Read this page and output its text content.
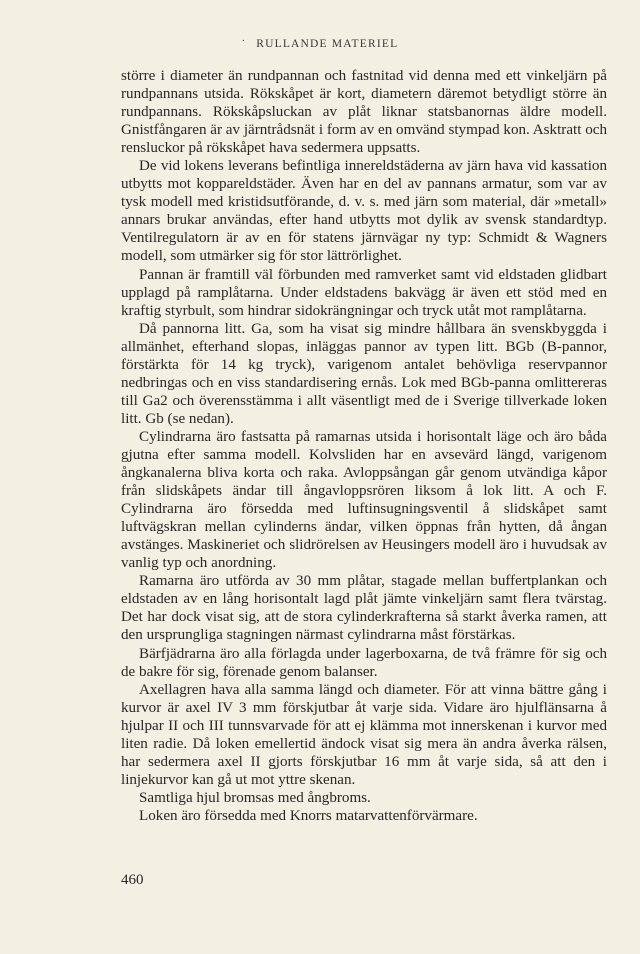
· RULLANDE MATERIEL

större i diameter än rundpannan och fastnitad vid denna med ett vinkeljärn på rundpannans utsida. Rökskåpet är kort, diametern däremot betydligt större än rundpannans. Rökskåpsluckan av plåt liknar statsbanornas äldre modell. Gnistfångaren är av järntrådsnät i form av en omvänd stympad kon. Asktratt och rensluckor på rökskåpet hava sedermera uppsatts.

De vid lokens leverans befintliga innereldstäderna av järn hava vid kassation utbytts mot koppareldstäder. Även har en del av pannans armatur, som var av tysk modell med kristidsutförande, d. v. s. med järn som material, där »metall» annars brukar användas, efter hand utbytts mot dylik av svensk standardtyp. Ventilregulatorn är av en för statens järnvägar ny typ: Schmidt & Wagners modell, som utmärker sig för stor lättrörlighet.

Pannan är framtill väl förbunden med ramverket samt vid eldstaden glidbart upplagd på ramplåtarna. Under eldstadens bakvägg är även ett stöd med en kraftig styrbult, som hindrar sidokrängningar och tryck utåt mot ramplåtarna.

Då pannorna litt. Ga, som ha visat sig mindre hållbara än svenskbyggda i allmänhet, efterhand slopas, inläggas pannor av typen litt. BGb (B-pannor, förstärkta för 14 kg tryck), varigenom antalet behövliga reservpannor nedbringas och en viss standardisering ernås. Lok med BGb-panna omlittereras till Ga2 och överensstämma i allt väsentligt med de i Sverige tillverkade loken litt. Gb (se nedan).

Cylindrarna äro fastsatta på ramarnas utsida i horisontalt läge och äro båda gjutna efter samma modell. Kolvsliden har en avsevärd längd, varigenom ångkanalerna bliva korta och raka. Avloppsångan går genom utvändiga kåpor från slidskåpets ändar till ångavloppsrören liksom å lok litt. A och F. Cylindrarna äro försedda med luftinsugningsventil å slidskåpet samt luftvägskran mellan cylinderns ändar, vilken öppnas från hytten, då ångan avstänges. Maskineriet och slidrörelsen av Heusingers modell äro i huvudsak av vanlig typ och anordning.

Ramarna äro utförda av 30 mm plåtar, stagade mellan buffertplankan och eldstaden av en lång horisontalt lagd plåt jämte vinkeljärn samt flera tvärstag. Det har dock visat sig, att de stora cylinderkrafterna så starkt åverka ramen, att den ursprungliga stagningen närmast cylindrarna måst förstärkas.

Bärfjädrarna äro alla förlagda under lagerboxarna, de två främre för sig och de bakre för sig, förenade genom balanser.

Axellagren hava alla samma längd och diameter. För att vinna bättre gång i kurvor är axel IV 3 mm förskjutbar åt varje sida. Vidare äro hjulflänsarna å hjulpar II och III tunnsvarvade för att ej klämma mot innerskenan i kurvor med liten radie. Då loken emellertid ändock visat sig mera än andra åverka rälsen, har sedermera axel II gjorts förskjutbar 16 mm åt varje sida, så att den i linjekurvor kan gå ut mot yttre skenan.

Samtliga hjul bromsas med ångbroms.

Loken äro försedda med Knorrs matarvattenförvärmare.

460
